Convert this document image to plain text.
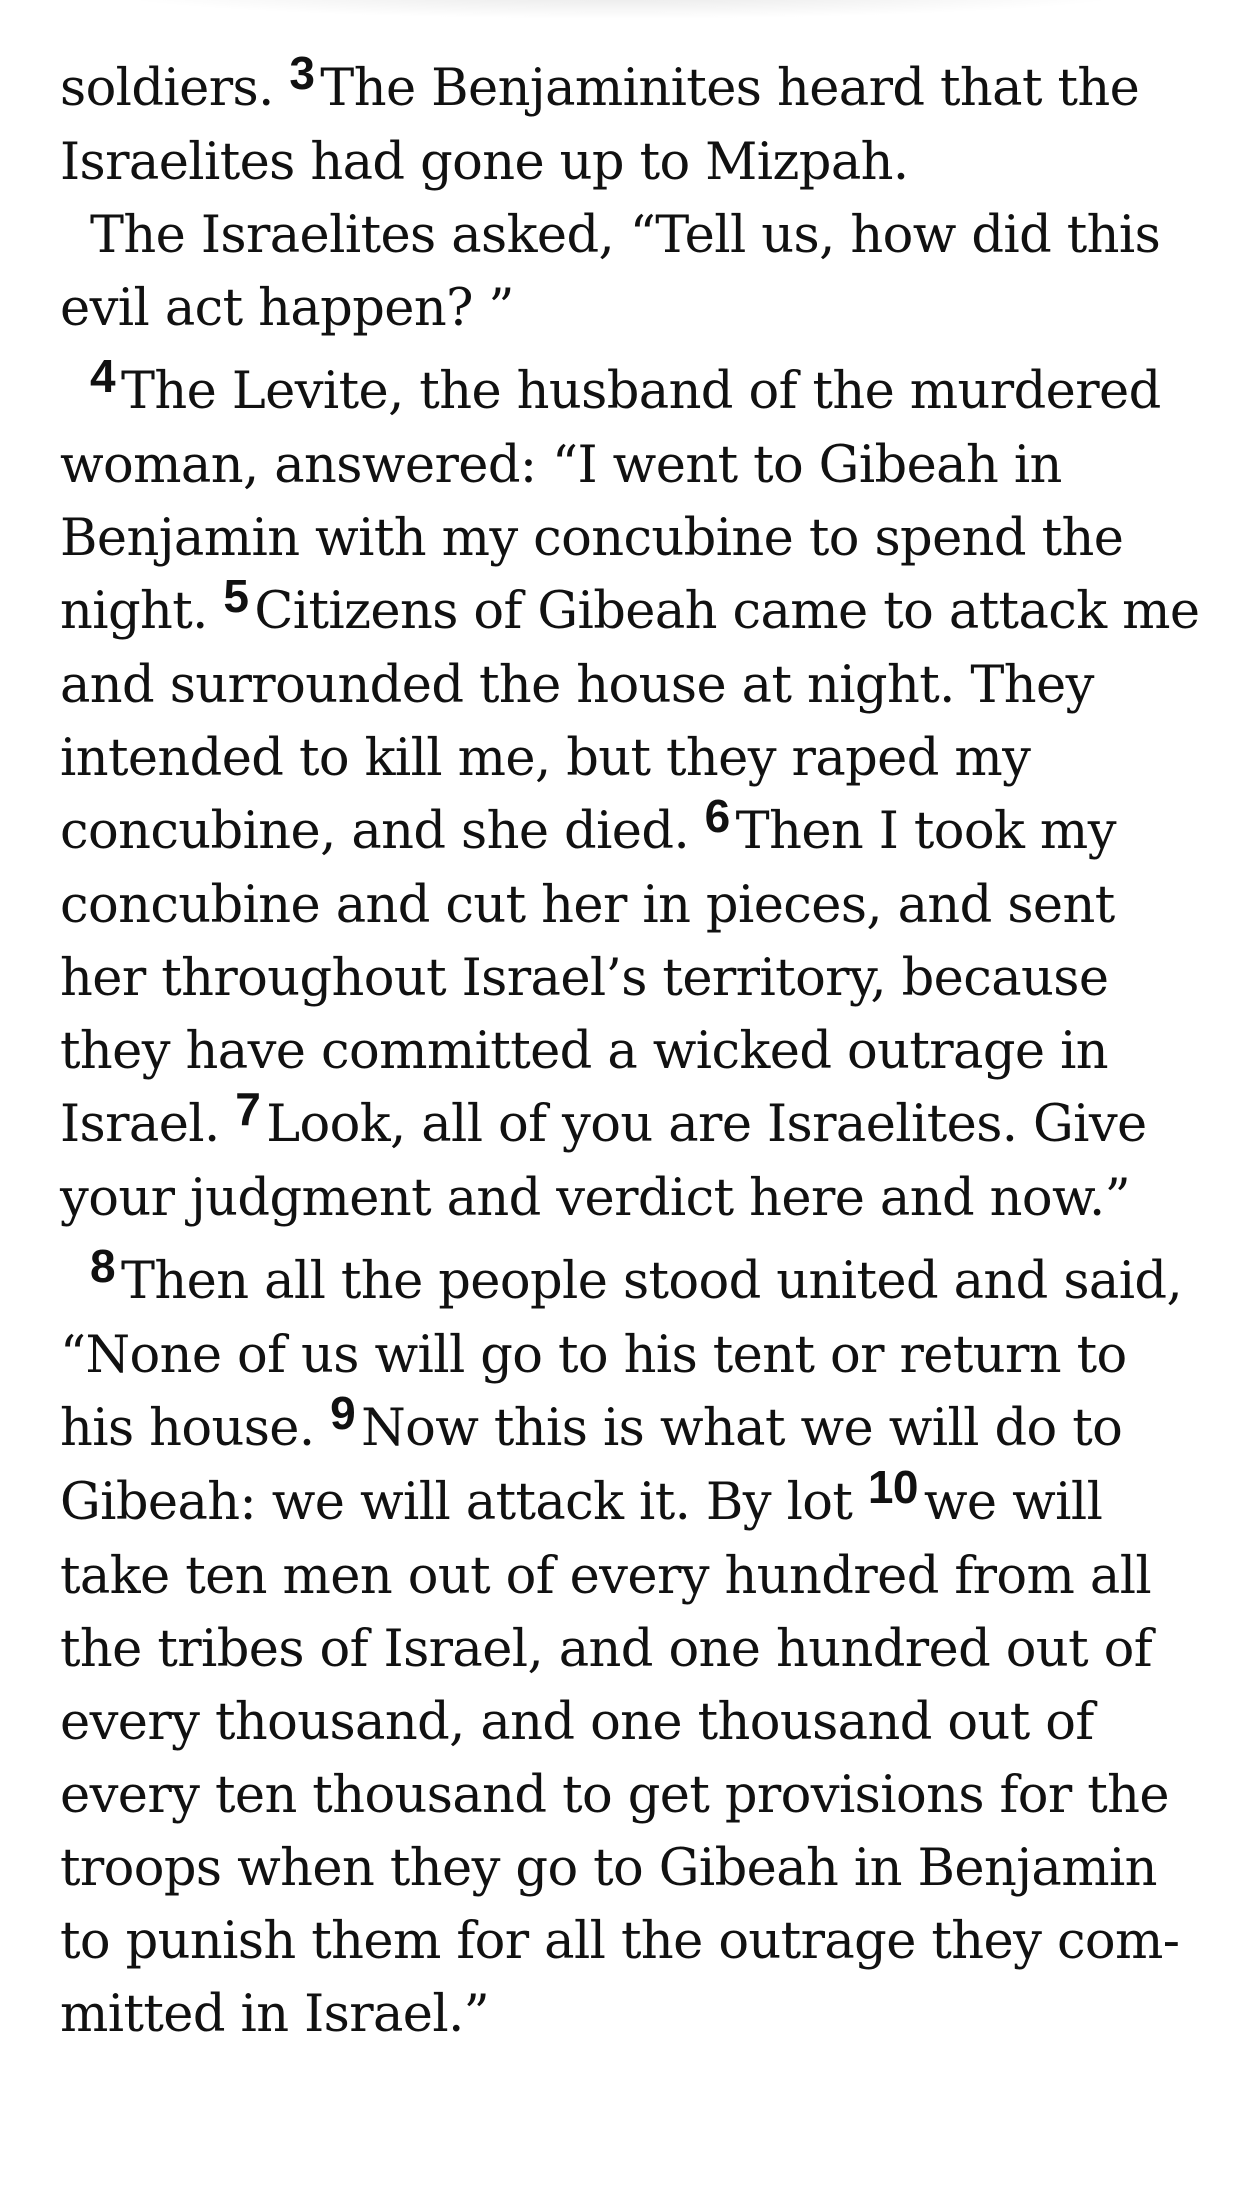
soldiers. 3 The Benjaminites heard that the Israelites had gone up to Mizpah.

The Israelites asked, “Tell us, how did this evil act happen? ”

4 The Levite, the husband of the murdered woman, answered: “I went to Gibeah in Benjamin with my concubine to spend the night. 5 Citizens of Gibeah came to attack me and surrounded the house at night. They intended to kill me, but they raped my concubine, and she died. 6 Then I took my concubine and cut her in pieces, and sent her throughout Israel’s territory, because they have committed a wicked outrage in Israel. 7 Look, all of you are Israelites. Give your judgment and verdict here and now.”

8 Then all the people stood united and said, “None of us will go to his tent or return to his house. 9 Now this is what we will do to Gibeah: we will attack it. By lot 10 we will take ten men out of every hundred from all the tribes of Israel, and one hundred out of every thousand, and one thousand out of every ten thousand to get provisions for the troops when they go to Gibeah in Benjamin to punish them for all the outrage they committed in Israel.”
